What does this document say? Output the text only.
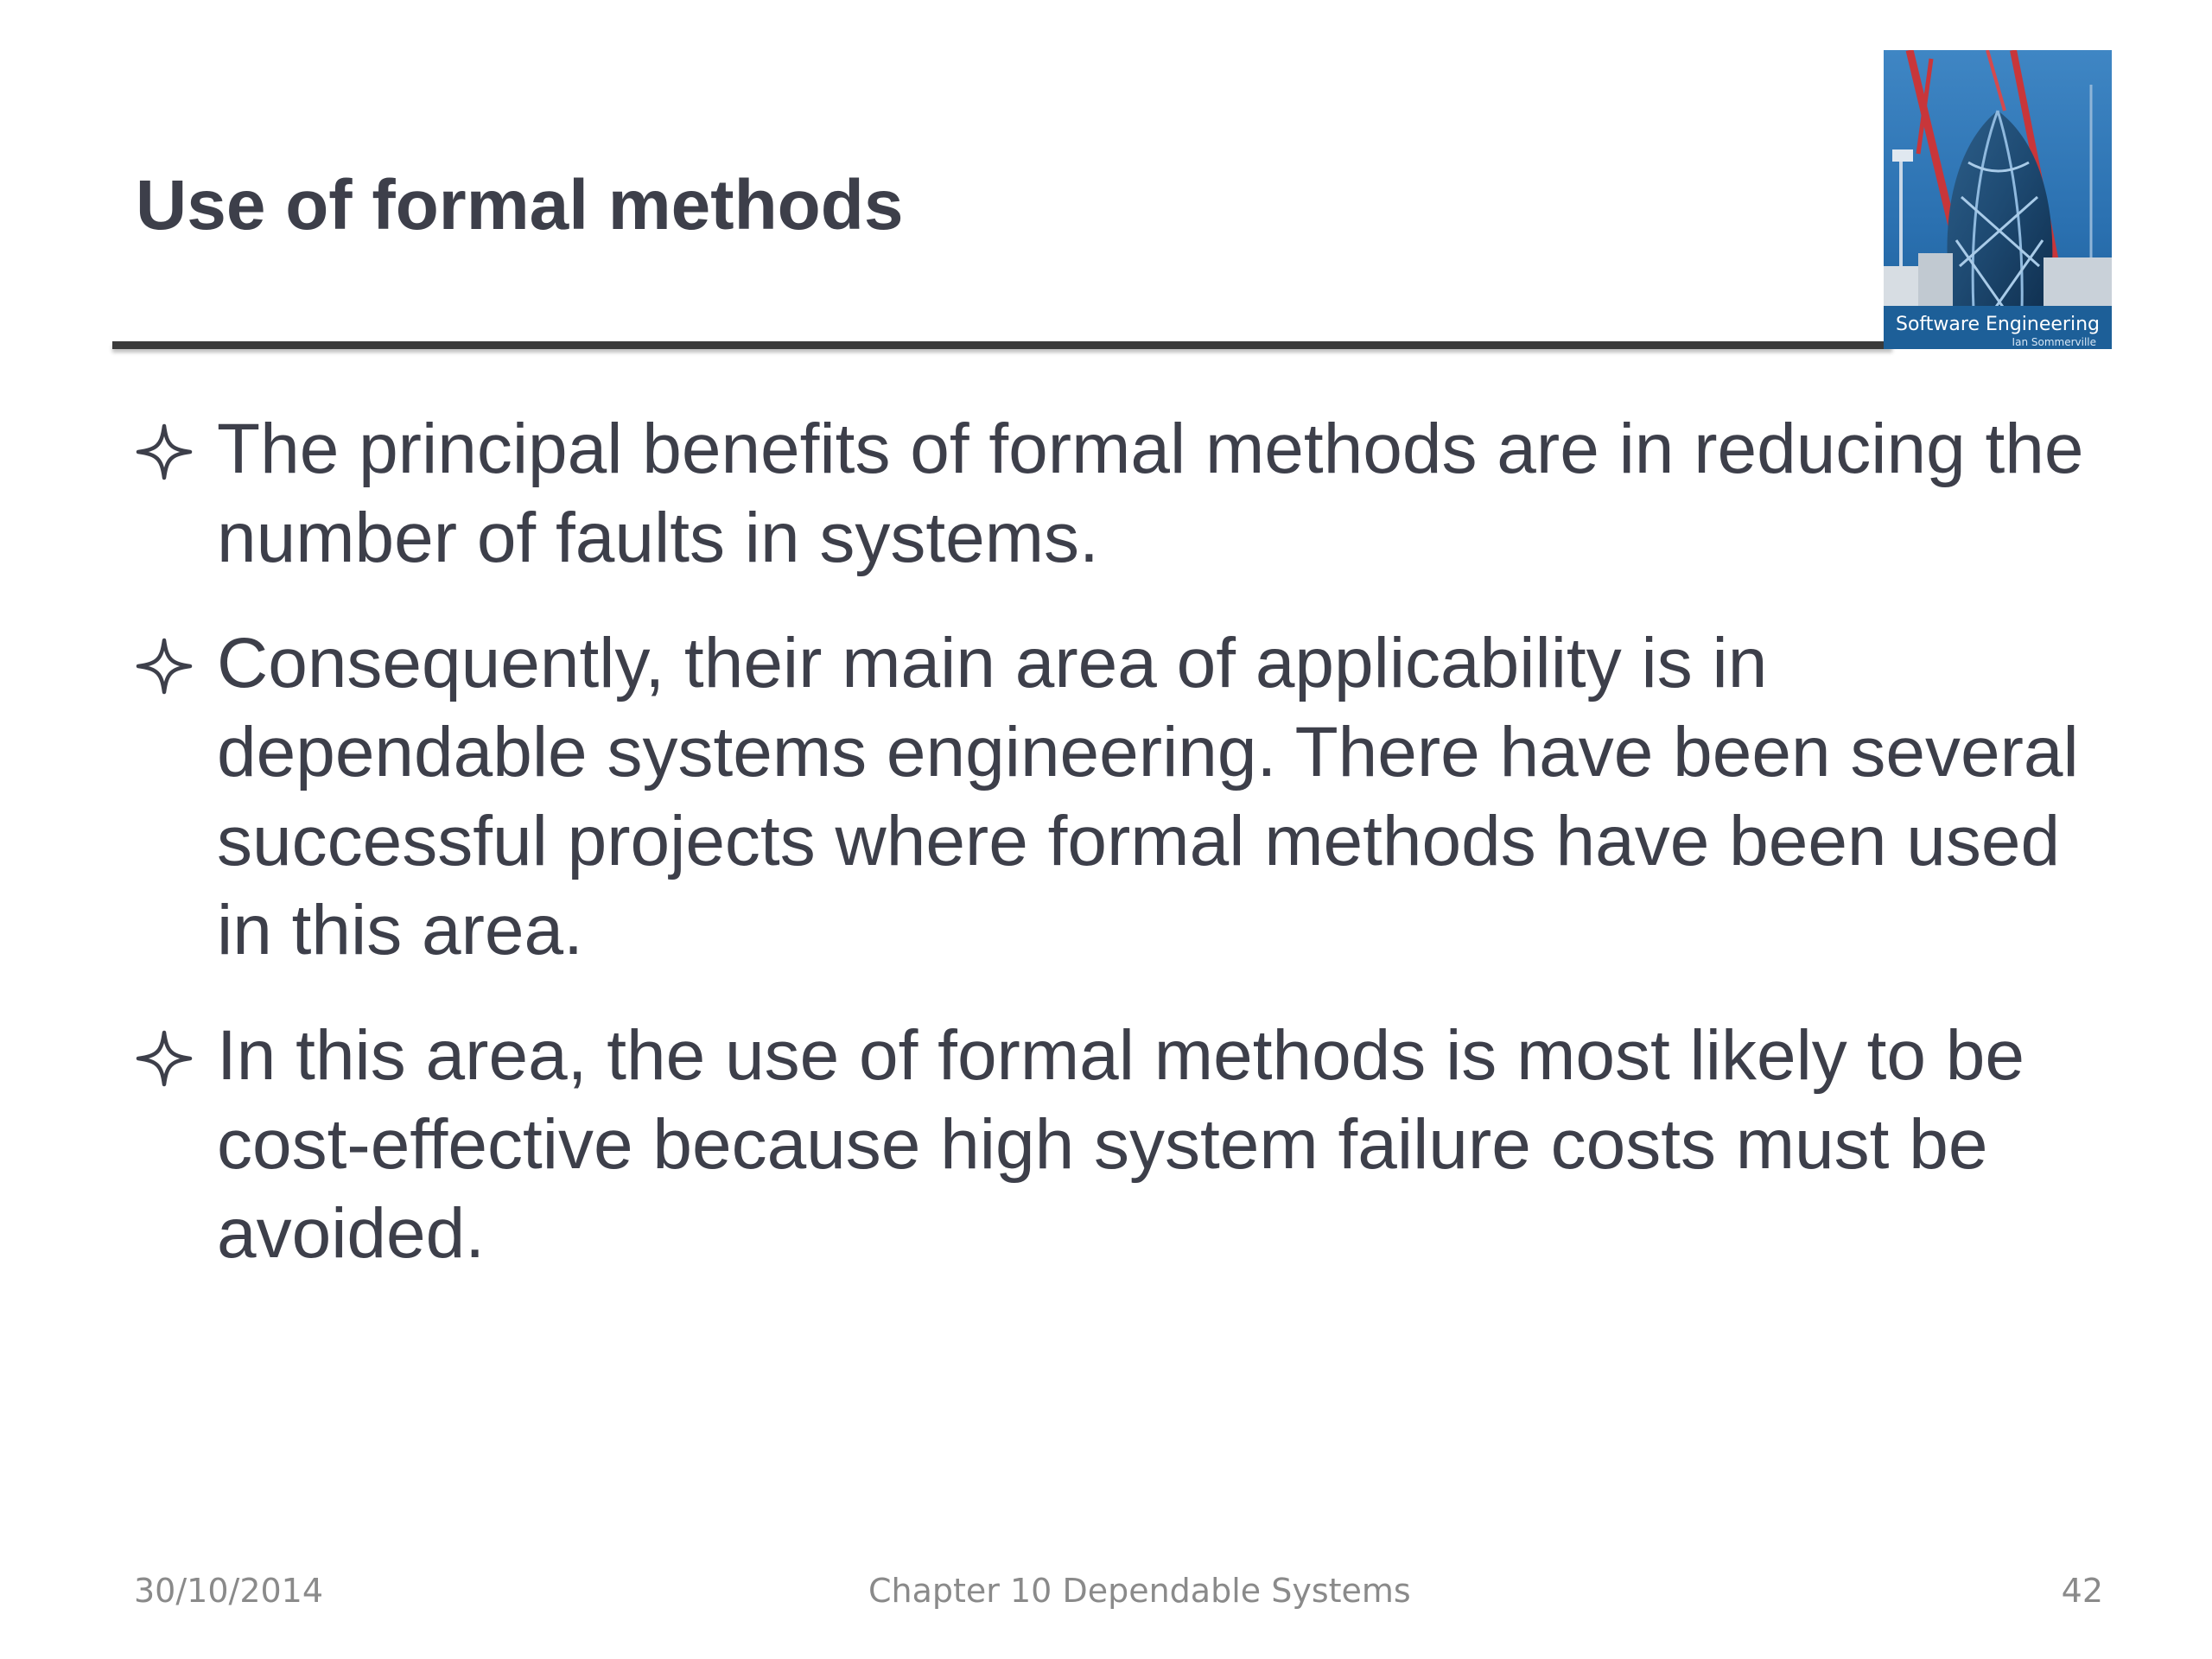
Use of formal methods
Software Engineering
Ian Sommerville
The principal benefits of formal methods are in reducing the number of faults in systems.
Consequently, their main area of applicability is in dependable systems engineering. There have been several successful projects where formal methods have been used in this area.
In this area, the use of formal methods is most likely to be cost-effective because high system failure costs must be avoided.
30/10/2014	Chapter 10 Dependable Systems	42
